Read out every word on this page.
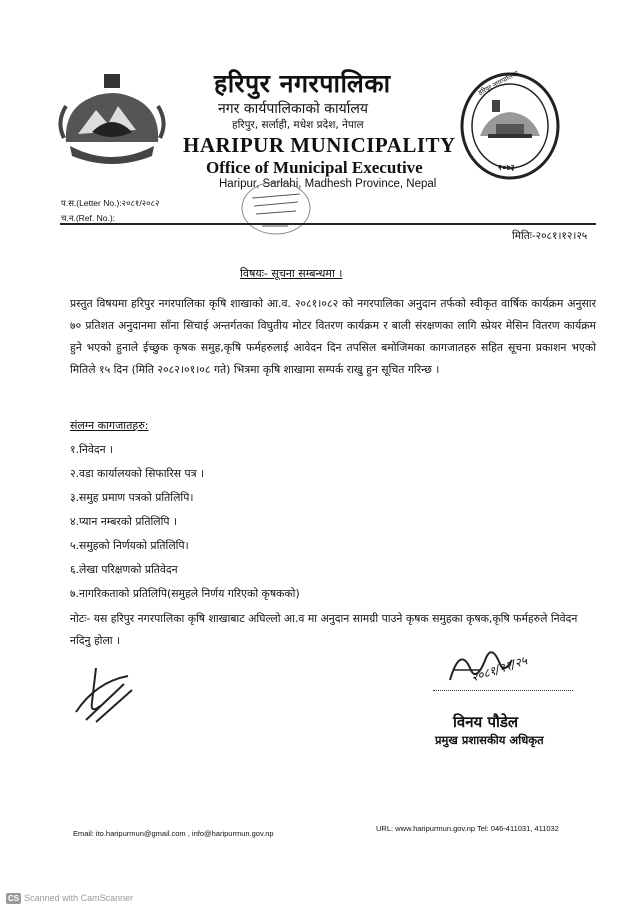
हरिपुर नगरपालिका
२०७३
हरिपुर नगरपालिका
नगर कार्यपालिकाको कार्यालय
हरिपुर, सर्लाही, मधेश प्रदेश, नेपाल
HARIPUR MUNICIPALITY
Office of Municipal Executive
Haripur, Sarlahi, Madhesh Province, Nepal
प.स.(Letter No.):२०८१/२०८२
च.न.(Ref. No.):
मितिः-२०८१।१२।२५
विषयः- सूचना सम्बन्धमा ।
प्रस्तुत विषयमा हरिपुर नगरपालिका कृषि शाखाको आ.व. २०८१।०८२ को नगरपालिका अनुदान तर्फको स्वीकृत वार्षिक कार्यक्रम अनुसार ७० प्रतिशत अनुदानमा साँना सिचाई अन्तर्गतका विघुतीय मोटर वितरण कार्यक्रम र बाली संरक्षणका लागि स्प्रेयर मेसिन वितरण कार्यक्रम हुने भएको हुनाले ईच्छुक कृषक समुह,कृषि फर्महरुलाई आवेदन दिन तपसिल बमोजिमका कागजातहरु सहित सूचना प्रकाशन भएको मितिले १५ दिन (मिति २०८२।०१।०८ गते) भित्रमा कृषि शाखामा सम्पर्क राखु हुन सूचित गरिन्छ ।
संलग्न कागजातहरु:
१.निवेदन ।
२.वडा कार्यालयको सिफारिस पत्र ।
३.समुह प्रमाण पत्रको प्रतिलिपि।
४.प्यान नम्बरको प्रतिलिपि ।
५.समुहको निर्णयको प्रतिलिपि।
६.लेखा परिक्षणको प्रतिवेदन
७.नागरिकताको प्रतिलिपि(समुहले निर्णय गरिएको कृषकको)
नोटः- यस हरिपुर नगरपालिका कृषि शाखाबाट अघिल्लो आ.व मा अनुदान सामग्री पाउने कृषक समुहका कृषक,कृषि फर्महरुले निवेदन नदिनु होला ।
२०८१/१२/२५
विनय पौडेल
प्रमुख प्रशासकीय अधिकृत
Email: ito.haripurmun@gmail.com , info@haripurmun.gov.np
URL: www.haripurmun.gov.np Tel: 046-411031, 411032
CS Scanned with CamScanner
